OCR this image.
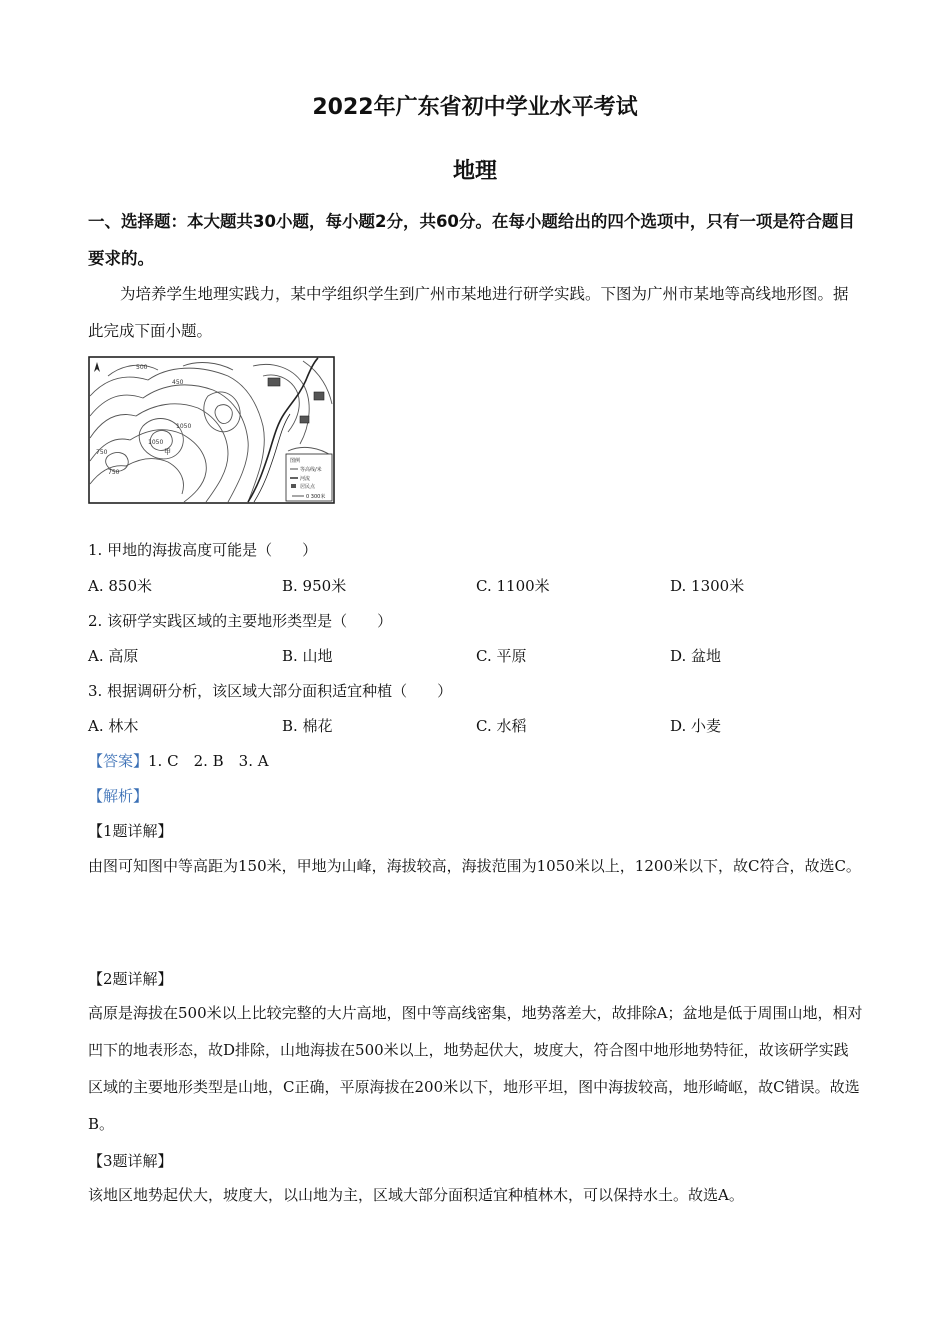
2022年广东省初中学业水平考试
地理
一、选择题：本大题共30小题，每小题2分，共60分。在每小题给出的四个选项中，只有一项是符合题目要求的。
为培养学生地理实践力，某中学组织学生到广州市某地进行研学实践。下图为广州市某地等高线地形图。据此完成下面小题。
500
450
1050
1050
750
750	甲
图例
等高线/米
河流
居民点
0 300米
1. 甲地的海拔高度可能是（　　）
A. 850米	B. 950米	C. 1100米	D. 1300米
2. 该研学实践区域的主要地形类型是（　　）
A. 高原	B. 山地	C. 平原	D. 盆地
3. 根据调研分析，该区域大部分面积适宜种植（　　）
A. 林木	B. 棉花	C. 水稻	D. 小麦
【答案】1. C　2. B　3. A
【解析】
【1题详解】
由图可知图中等高距为150米，甲地为山峰，海拔较高，海拔范围为1050米以上，1200米以下，故C符合，故选C。
【2题详解】
高原是海拔在500米以上比较完整的大片高地，图中等高线密集，地势落差大，故排除A；盆地是低于周围山地，相对凹下的地表形态，故D排除，山地海拔在500米以上，地势起伏大，坡度大，符合图中地形地势特征，故该研学实践区域的主要地形类型是山地，C正确，平原海拔在200米以下，地形平坦，图中海拔较高，地形崎岖，故C错误。故选B。
【3题详解】
该地区地势起伏大，坡度大，以山地为主，区域大部分面积适宜种植林木，可以保持水土。故选A。
